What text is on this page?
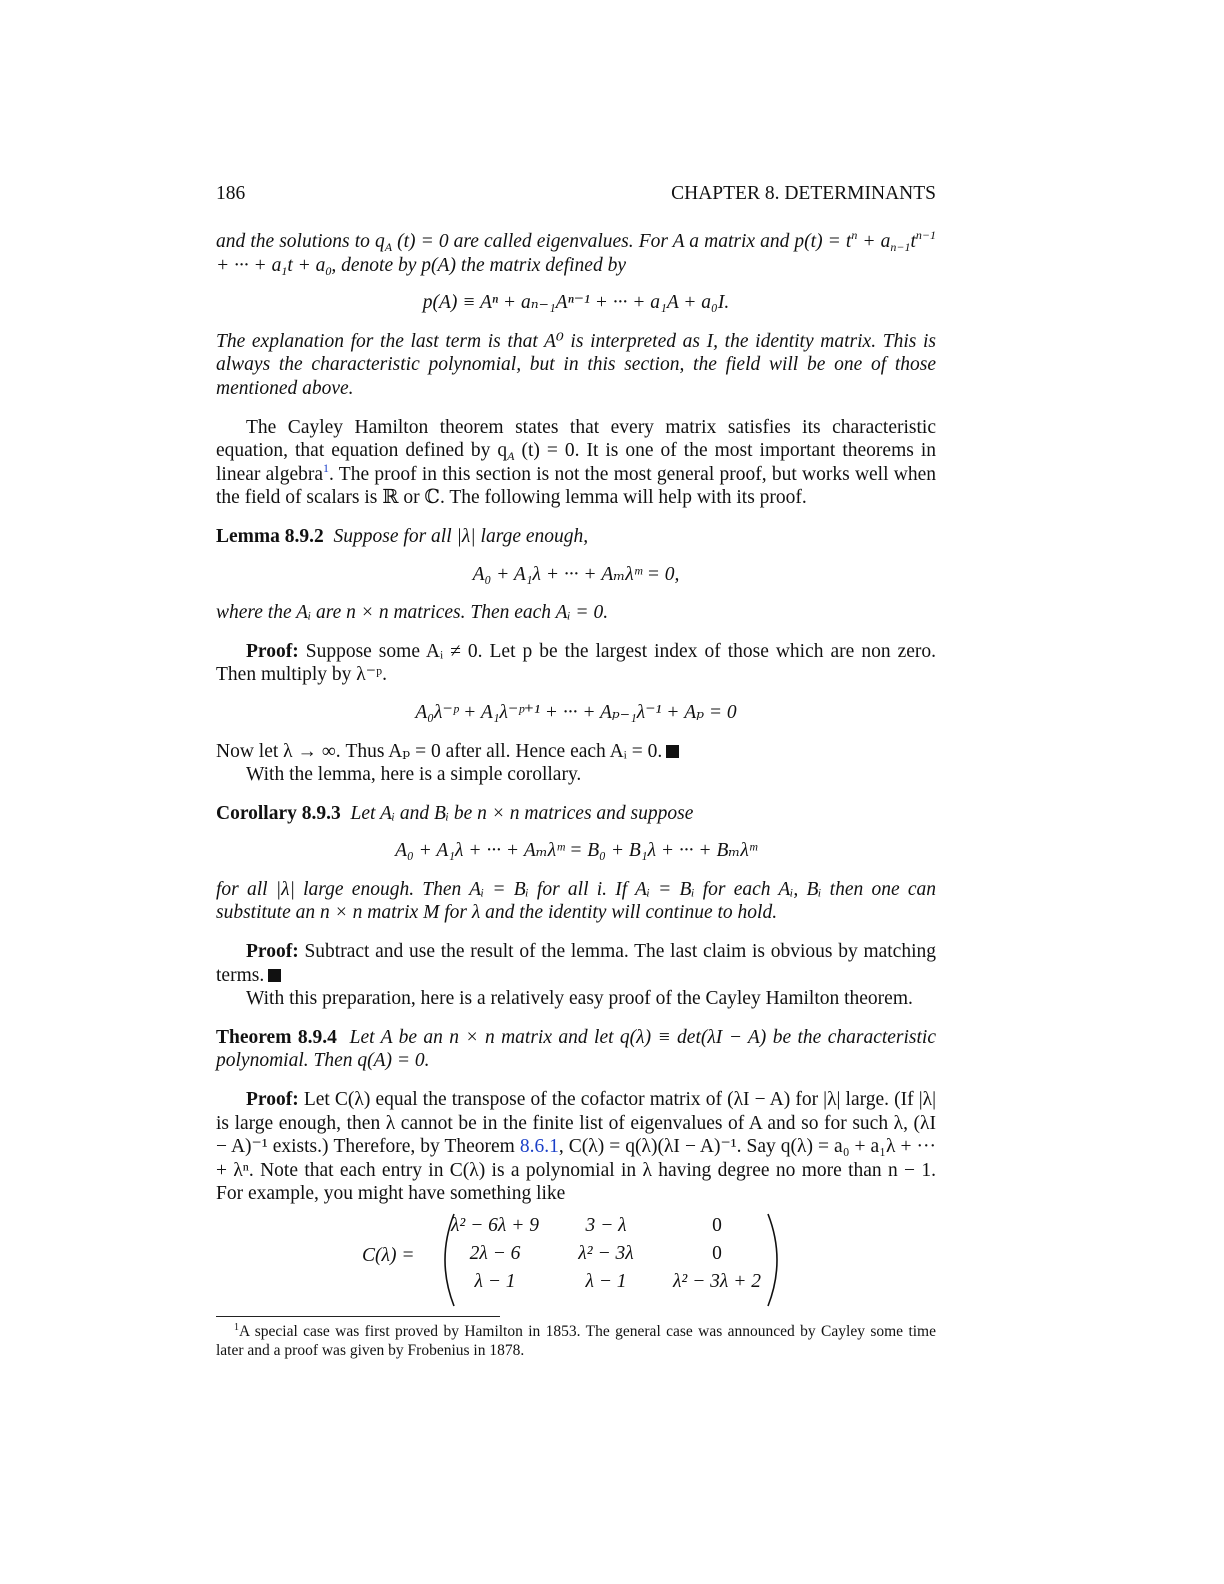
186	CHAPTER 8. DETERMINANTS

and the solutions to $q_A$ (t) = 0 are called eigenvalues. For A a matrix and $p(t) = t^n + a_{n-1}t^{n-1}$ + ··· + $a_1t + a_0$, denote by p(A) the matrix defined by

p(A) ≡ Aⁿ + aₙ₋₁Aⁿ⁻¹ + ··· + a₁A + a₀I.

The explanation for the last term is that A⁰ is interpreted as I, the identity matrix. This is always the characteristic polynomial, but in this section, the field will be one of those mentioned above.

The Cayley Hamilton theorem states that every matrix satisfies its characteristic equation, that equation defined by $q_A$ (t) = 0. It is one of the most important theorems in linear algebra$^1$. The proof in this section is not the most general proof, but works well when the field of scalars is ℝ or ℂ. The following lemma will help with its proof.

Lemma 8.9.2 Suppose for all |λ| large enough,

A₀ + A₁λ + ··· + Aₘλᵐ = 0,

where the Aᵢ are n × n matrices. Then each Aᵢ = 0.

Proof: Suppose some Aᵢ ≠ 0. Let p be the largest index of those which are non zero. Then multiply by λ⁻ᵖ.

A₀λ⁻ᵖ + A₁λ⁻ᵖ⁺¹ + ··· + Aₚ₋₁λ⁻¹ + Aₚ = 0

Now let λ → ∞. Thus Aₚ = 0 after all. Hence each Aᵢ = 0.

With the lemma, here is a simple corollary.

Corollary 8.9.3 Let Aᵢ and Bᵢ be n × n matrices and suppose

A₀ + A₁λ + ··· + Aₘλᵐ = B₀ + B₁λ + ··· + Bₘλᵐ

for all |λ| large enough. Then Aᵢ = Bᵢ for all i. If Aᵢ = Bᵢ for each Aᵢ, Bᵢ then one can substitute an n × n matrix M for λ and the identity will continue to hold.

Proof: Subtract and use the result of the lemma. The last claim is obvious by matching terms.

With this preparation, here is a relatively easy proof of the Cayley Hamilton theorem.

Theorem 8.9.4 Let A be an n × n matrix and let q(λ) ≡ det(λI − A) be the characteristic polynomial. Then q(A) = 0.

Proof: Let C(λ) equal the transpose of the cofactor matrix of (λI − A) for |λ| large. (If |λ| is large enough, then λ cannot be in the finite list of eigenvalues of A and so for such λ, (λI − A)⁻¹ exists.) Therefore, by Theorem 8.6.1, C(λ) = q(λ)(λI − A)⁻¹. Say q(λ) = a₀ + a₁λ + ··· + λⁿ. Note that each entry in C(λ) is a polynomial in λ having degree no more than n − 1. For example, you might have something like

C(λ) =
λ² − 6λ + 9	3 − λ	0
2λ − 6	λ² − 3λ	0
λ − 1	λ − 1	λ² − 3λ + 2

$^1$A special case was first proved by Hamilton in 1853. The general case was announced by Cayley some time later and a proof was given by Frobenius in 1878.
